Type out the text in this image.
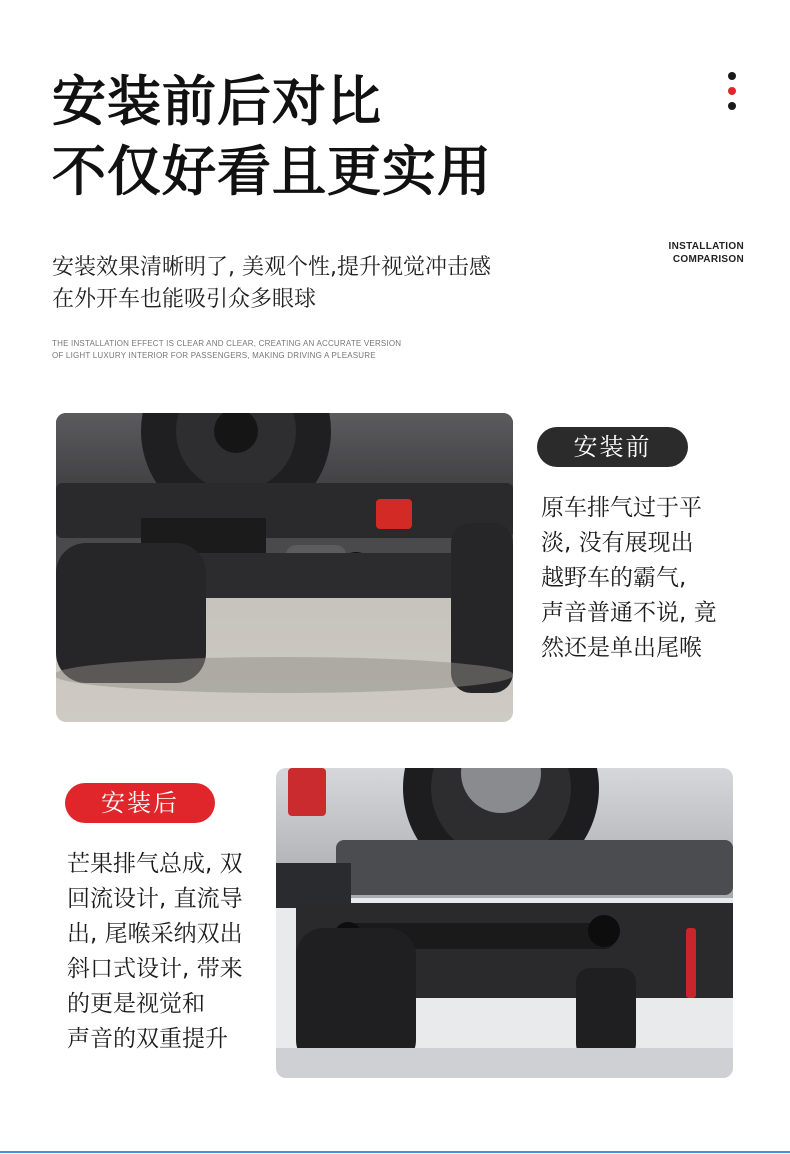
安装前后对比
不仅好看且更实用
INSTALLATION
COMPARISON
安装效果清晰明了, 美观个性,提升视觉冲击感
在外开车也能吸引众多眼球
THE INSTALLATION EFFECT IS CLEAR AND CLEAR, CREATING AN ACCURATE VERSION
OF LIGHT LUXURY INTERIOR FOR PASSENGERS, MAKING DRIVING A PLEASURE
安装前
原车排气过于平
淡, 没有展现出
越野车的霸气,
声音普通不说, 竟
然还是单出尾喉
安装后
芒果排气总成, 双
回流设计, 直流导
出, 尾喉采纳双出
斜口式设计, 带来
的更是视觉和
声音的双重提升
